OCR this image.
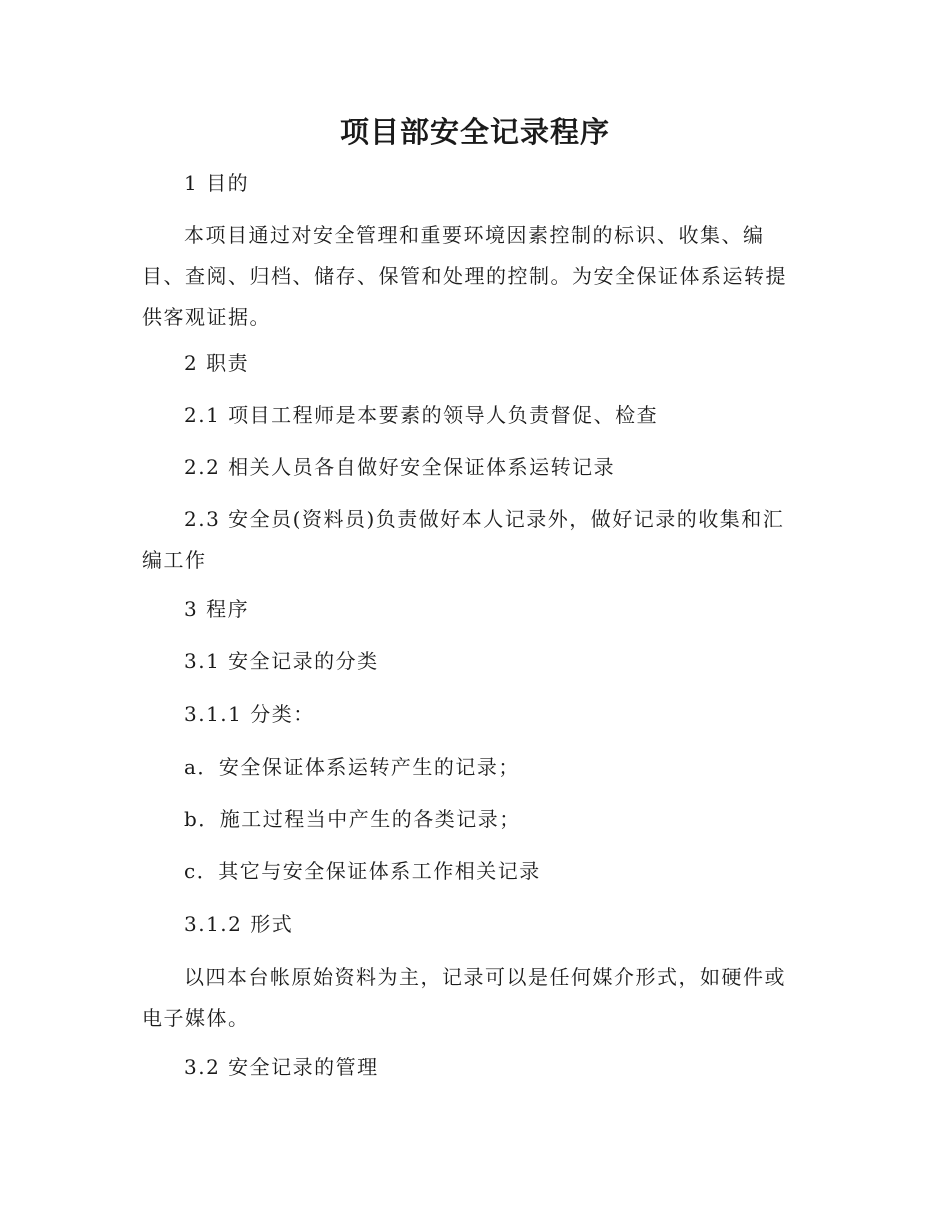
项目部安全记录程序

1 目的

本项目通过对安全管理和重要环境因素控制的标识、收集、编目、查阅、归档、储存、保管和处理的控制。为安全保证体系运转提供客观证据。

2 职责

2.1 项目工程师是本要素的领导人负责督促、检查

2.2 相关人员各自做好安全保证体系运转记录

2.3 安全员(资料员)负责做好本人记录外，做好记录的收集和汇编工作

3 程序

3.1 安全记录的分类

3.1.1 分类：

a．安全保证体系运转产生的记录；

b．施工过程当中产生的各类记录；

c．其它与安全保证体系工作相关记录

3.1.2 形式

以四本台帐原始资料为主，记录可以是任何媒介形式，如硬件或电子媒体。

3.2 安全记录的管理
